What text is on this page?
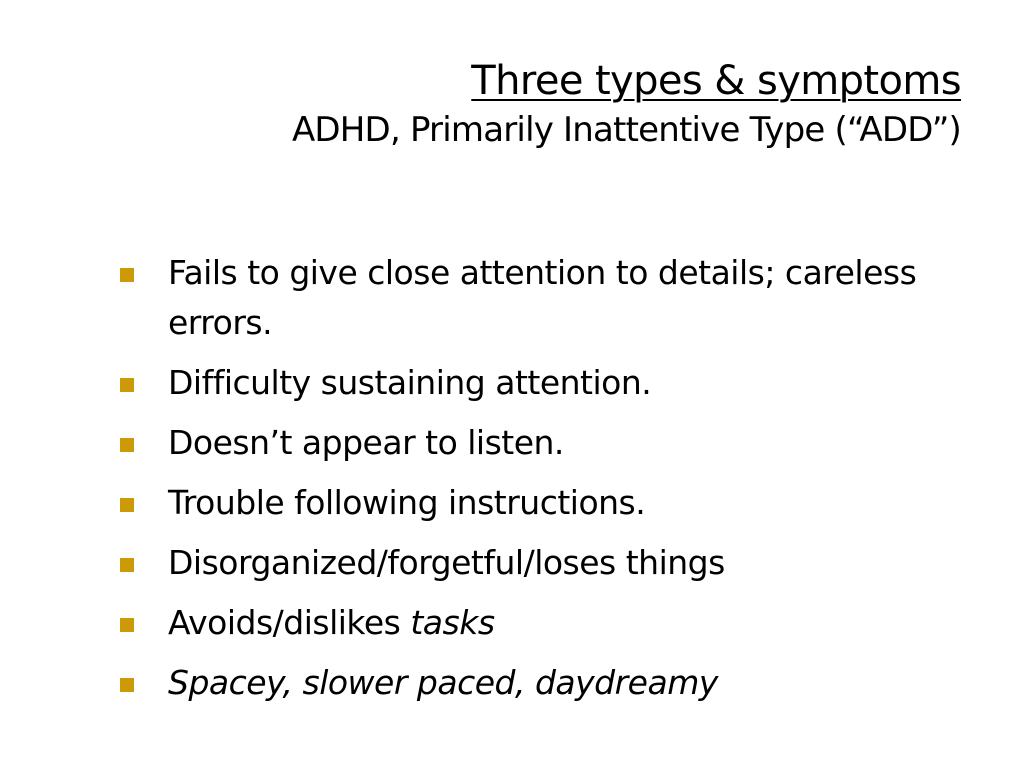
Three types & symptoms
ADHD, Primarily Inattentive Type (“ADD”)
Fails to give close attention to details; careless errors.
Difficulty sustaining attention.
Doesn’t appear to listen.
Trouble following instructions.
Disorganized/forgetful/loses things
Avoids/dislikes tasks
Spacey, slower paced, daydreamy
